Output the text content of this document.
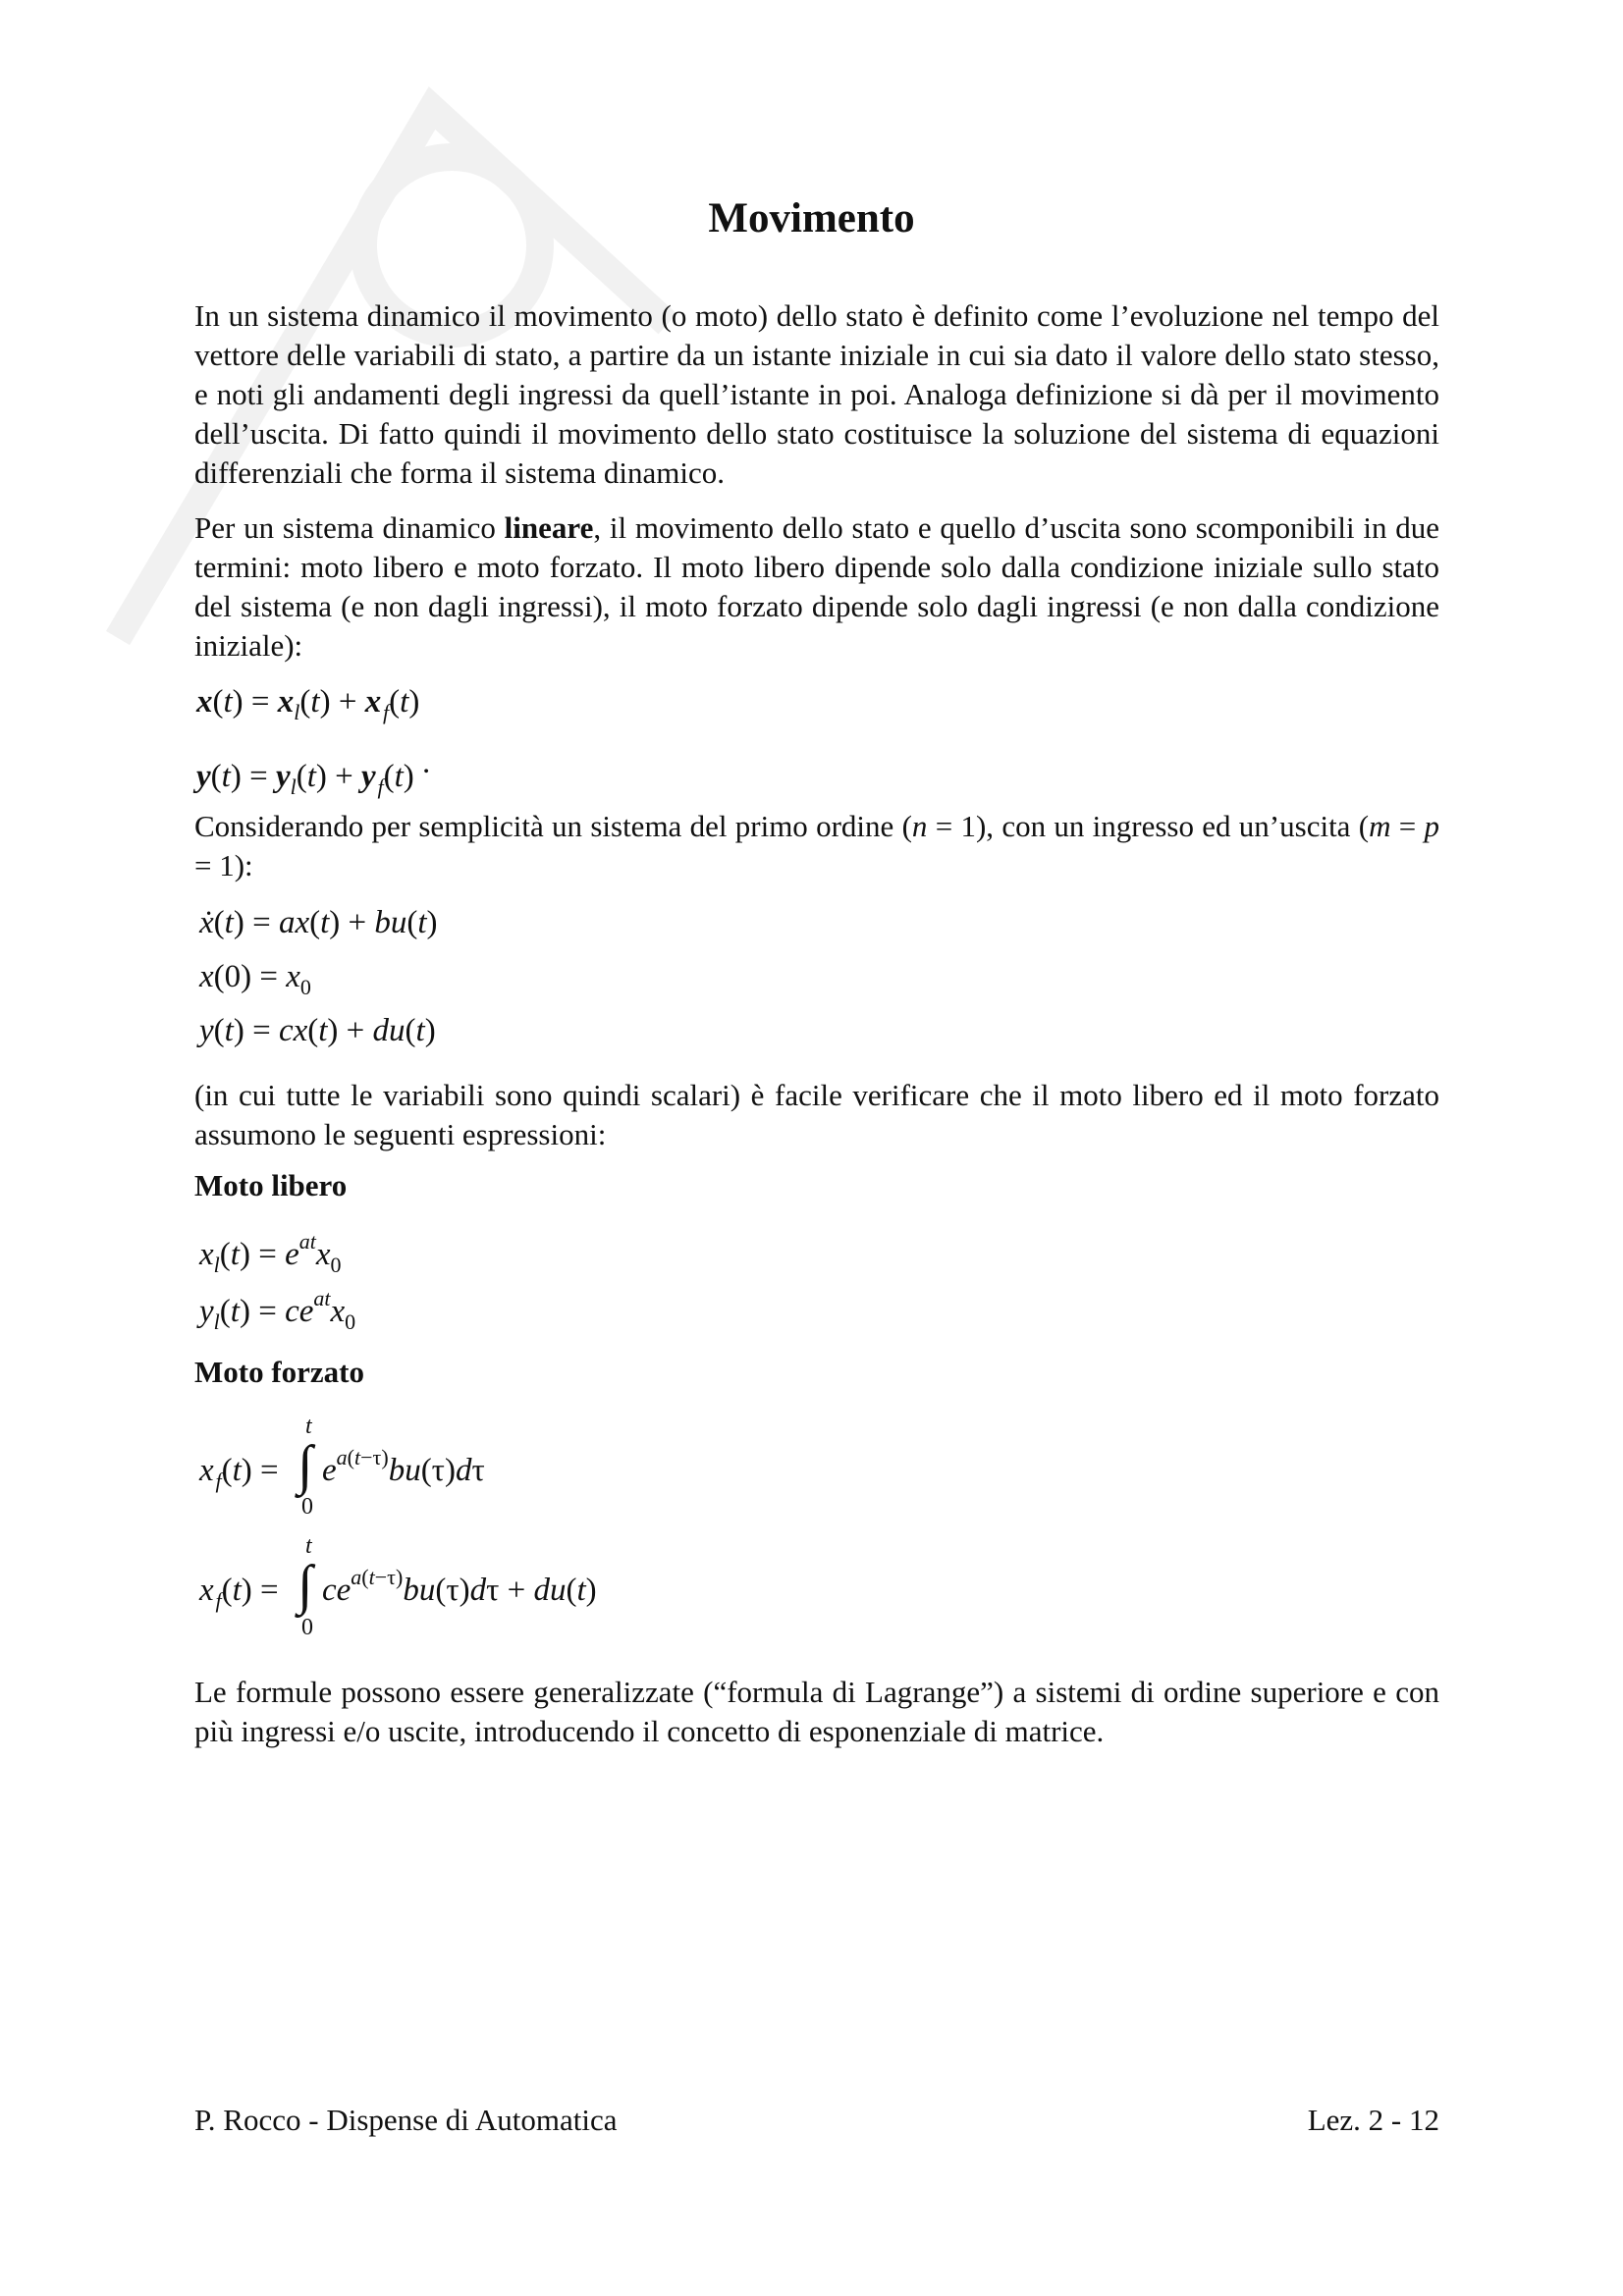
Movimento

In un sistema dinamico il movimento (o moto) dello stato è definito come l’evoluzione nel tempo del vettore delle variabili di stato, a partire da un istante iniziale in cui sia dato il valore dello stato stesso, e noti gli andamenti degli ingressi da quell’istante in poi. Analoga definizione si dà per il movimento dell’uscita. Di fatto quindi il movimento dello stato costituisce la soluzione del sistema di equazioni differenziali che forma il sistema dinamico.

Per un sistema dinamico lineare, il movimento dello stato e quello d’uscita sono scomponibili in due termini: moto libero e moto forzato. Il moto libero dipende solo dalla condizione iniziale sullo stato del sistema (e non dagli ingressi), il moto forzato dipende solo dagli ingressi (e non dalla condizione iniziale):

$x(t) = x_l(t) + x$ $_f$(t)
$y(t) = y_l(t) + y$ $_f$(t) .

Considerando per semplicità un sistema del primo ordine (n = 1), con un ingresso ed un’uscita (m = p = 1):

ẋ(t) = ax(t) + bu(t)
$x(0) = x_0$
y(t) = cx(t) + du(t)

(in cui tutte le variabili sono quindi scalari) è facile verificare che il moto libero ed il moto forzato assumono le seguenti espressioni:

Moto libero
$x_l(t) = e^{at}x_0$
$y_l(t) = ce^{at}x_0$
Moto forzato
t
x $_f$(t) = ∫ $e^{a(t-\tau)}bu(\tau)d\tau$
0
t
x $_f$(t) = ∫ $ce^{a(t-\tau)}bu(\tau)d\tau + du(t)$
0

Le formule possono essere generalizzate (“formula di Lagrange”) a sistemi di ordine superiore e con più ingressi e/o uscite, introducendo il concetto di esponenziale di matrice.

P. Rocco - Dispense di Automatica	Lez. 2 - 12
